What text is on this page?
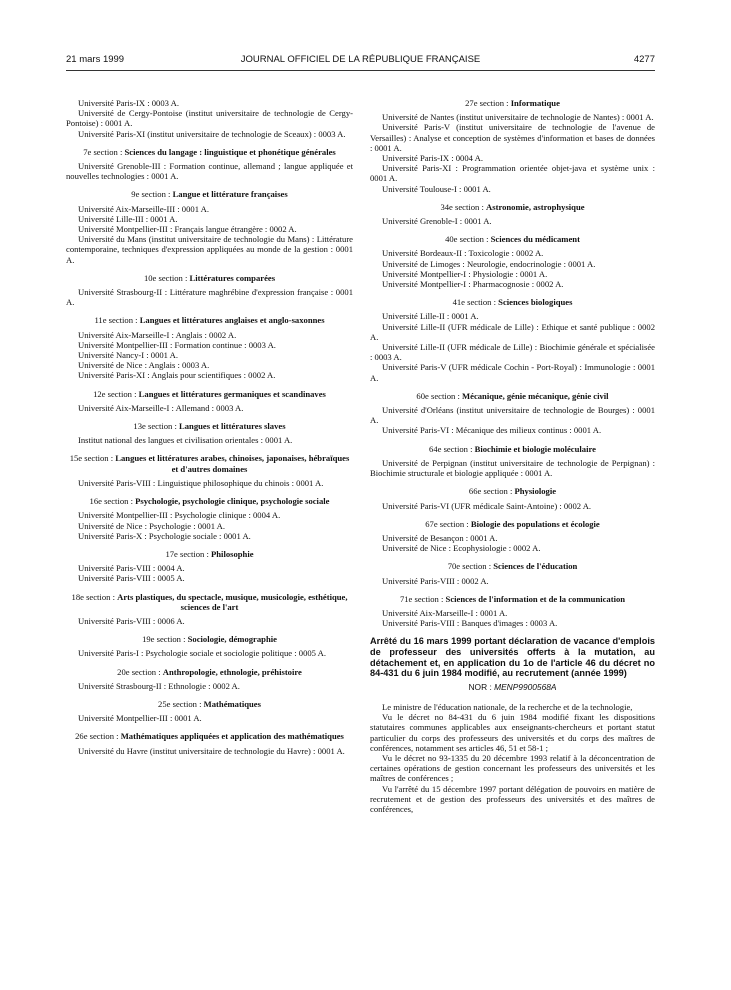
21 mars 1999	JOURNAL OFFICIEL DE LA RÉPUBLIQUE FRANÇAISE	4277
Université Paris-IX : 0003 A.
Université de Cergy-Pontoise (institut universitaire de technologie de Cergy-Pontoise) : 0001 A.
Université Paris-XI (institut universitaire de technologie de Sceaux) : 0003 A.
7e section : Sciences du langage : linguistique et phonétique générales
Université Grenoble-III : Formation continue, allemand ; langue appliquée et nouvelles technologies : 0001 A.
9e section : Langue et littérature françaises
Université Aix-Marseille-III : 0001 A.
Université Lille-III : 0001 A.
Université Montpellier-III : Français langue étrangère : 0002 A.
Université du Mans (institut universitaire de technologie du Mans) : Littérature contemporaine, techniques d'expression appliquées au monde de la gestion : 0001 A.
10e section : Littératures comparées
Université Strasbourg-II : Littérature maghrébine d'expression française : 0001 A.
11e section : Langues et littératures anglaises et anglo-saxonnes
Université Aix-Marseille-I : Anglais : 0002 A.
Université Montpellier-III : Formation continue : 0003 A.
Université Nancy-I : 0001 A.
Université de Nice : Anglais : 0003 A.
Université Paris-XI : Anglais pour scientifiques : 0002 A.
12e section : Langues et littératures germaniques et scandinaves
Université Aix-Marseille-I : Allemand : 0003 A.
13e section : Langues et littératures slaves
Institut national des langues et civilisation orientales : 0001 A.
15e section : Langues et littératures arabes, chinoises, japonaises, hébraïques et d'autres domaines
Université Paris-VIII : Linguistique philosophique du chinois : 0001 A.
16e section : Psychologie, psychologie clinique, psychologie sociale
Université Montpellier-III : Psychologie clinique : 0004 A.
Université de Nice : Psychologie : 0001 A.
Université Paris-X : Psychologie sociale : 0001 A.
17e section : Philosophie
Université Paris-VIII : 0004 A.
Université Paris-VIII : 0005 A.
18e section : Arts plastiques, du spectacle, musique, musicologie, esthétique, sciences de l'art
Université Paris-VIII : 0006 A.
19e section : Sociologie, démographie
Université Paris-I : Psychologie sociale et sociologie politique : 0005 A.
20e section : Anthropologie, ethnologie, préhistoire
Université Strasbourg-II : Ethnologie : 0002 A.
25e section : Mathématiques
Université Montpellier-III : 0001 A.
26e section : Mathématiques appliquées et application des mathématiques
Université du Havre (institut universitaire de technologie du Havre) : 0001 A.
27e section : Informatique
Université de Nantes (institut universitaire de technologie de Nantes) : 0001 A.
Université Paris-V (institut universitaire de technologie de l'avenue de Versailles) : Analyse et conception de systèmes d'information et bases de données : 0001 A.
Université Paris-IX : 0004 A.
Université Paris-XI : Programmation orientée objet-java et système unix : 0001 A.
Université Toulouse-I : 0001 A.
34e section : Astronomie, astrophysique
Université Grenoble-I : 0001 A.
40e section : Sciences du médicament
Université Bordeaux-II : Toxicologie : 0002 A.
Université de Limoges : Neurologie, endocrinologie : 0001 A.
Université Montpellier-I : Physiologie : 0001 A.
Université Montpellier-I : Pharmacognosie : 0002 A.
41e section : Sciences biologiques
Université Lille-II : 0001 A.
Université Lille-II (UFR médicale de Lille) : Ethique et santé publique : 0002 A.
Université Lille-II (UFR médicale de Lille) : Biochimie générale et spécialisée : 0003 A.
Université Paris-V (UFR médicale Cochin - Port-Royal) : Immunologie : 0001 A.
60e section : Mécanique, génie mécanique, génie civil
Université d'Orléans (institut universitaire de technologie de Bourges) : 0001 A.
Université Paris-VI : Mécanique des milieux continus : 0001 A.
64e section : Biochimie et biologie moléculaire
Université de Perpignan (institut universitaire de technologie de Perpignan) : Biochimie structurale et biologie appliquée : 0001 A.
66e section : Physiologie
Université Paris-VI (UFR médicale Saint-Antoine) : 0002 A.
67e section : Biologie des populations et écologie
Université de Besançon : 0001 A.
Université de Nice : Ecophysiologie : 0002 A.
70e section : Sciences de l'éducation
Université Paris-VIII : 0002 A.
71e section : Sciences de l'information et de la communication
Université Aix-Marseille-I : 0001 A.
Université Paris-VIII : Banques d'images : 0003 A.
Arrêté du 16 mars 1999 portant déclaration de vacance d'emplois de professeur des universités offerts à la mutation, au détachement et, en application du 1o de l'article 46 du décret no 84-431 du 6 juin 1984 modifié, au recrutement (année 1999)
NOR : MENP9900568A
Le ministre de l'éducation nationale, de la recherche et de la technologie,
Vu le décret no 84-431 du 6 juin 1984 modifié fixant les dispositions statutaires communes applicables aux enseignants-chercheurs et portant statut particulier du corps des professeurs des universités et du corps des maîtres de conférences, notamment ses articles 46, 51 et 58-1 ;
Vu le décret no 93-1335 du 20 décembre 1993 relatif à la déconcentration de certaines opérations de gestion concernant les professeurs des universités et les maîtres de conférences ;
Vu l'arrêté du 15 décembre 1997 portant délégation de pouvoirs en matière de recrutement et de gestion des professeurs des universités et des maîtres de conférences,
